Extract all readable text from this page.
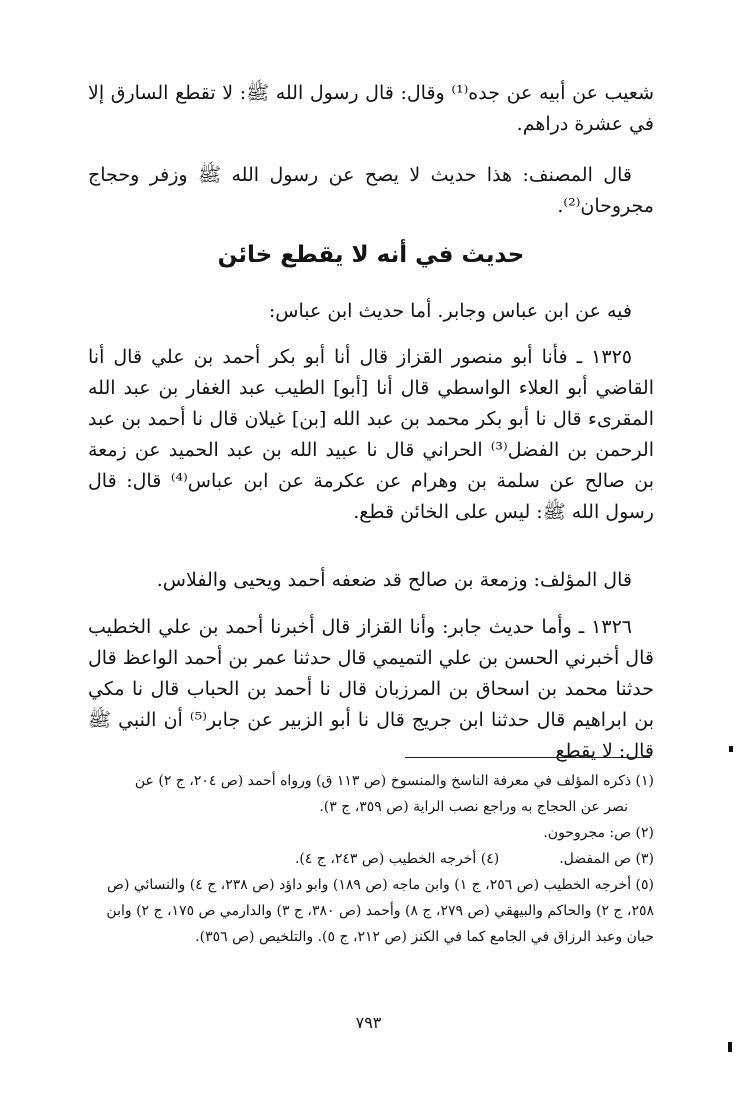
شعيب عن أبيه عن جده⁽¹⁾ وقال: قال رسول الله ﷺ: لا تقطع السارق إلا في عشرة دراهم.

قال المصنف: هذا حديث لا يصح عن رسول الله ﷺ وزفر وحجاج مجروحان⁽²⁾.

حديث في أنه لا يقطع خائن

فيه عن ابن عباس وجابر. أما حديث ابن عباس:

١٣٢٥ ـ فأنا أبو منصور القزاز قال أنا أبو بكر أحمد بن علي قال أنا القاضي أبو العلاء الواسطي قال أنا [أبو] الطيب عبد الغفار بن عبد الله المقرىء قال نا أبو بكر محمد بن عبد الله [بن] غيلان قال نا أحمد بن عبد الرحمن بن الفضل⁽³⁾ الحراني قال نا عبيد الله بن عبد الحميد عن زمعة بن صالح عن سلمة بن وهرام عن عكرمة عن ابن عباس⁽⁴⁾ قال: قال رسول الله ﷺ: ليس على الخائن قطع.

قال المؤلف: وزمعة بن صالح قد ضعفه أحمد ويحيى والفلاس.

١٣٢٦ ـ وأما حديث جابر: وأنا القزاز قال أخبرنا أحمد بن علي الخطيب قال أخبرني الحسن بن علي التميمي قال حدثنا عمر بن أحمد الواعظ قال حدثنا محمد بن اسحاق بن المرزبان قال نا أحمد بن الحباب قال نا مكي بن ابراهيم قال حدثنا ابن جريج قال نا أبو الزبير عن جابر⁽⁵⁾ أن النبي ﷺ قال: لا يقطع

(١) ذكره المؤلف في معرفة الناسخ والمنسوخ (ص ١١٣ ق) ورواه أحمد (ص ٢٠٤، ج ٢) عن

نصر عن الحجاج به وراجع نصب الراية (ص ٣٥٩، ج ٣).

(٢) ص: مجروحون.

(٣) ص المفضل.
(٤) أخرجه الخطيب (ص ٢٤٣، ج ٤).

(٥) أخرجه الخطيب (ص ٢٥٦، ج ١) وابن ماجه (ص ١٨٩) وابو داؤد (ص ٢٣٨، ج ٤) والنسائي (ص ٢٥٨، ج ٢) والحاكم والبيهقي (ص ٢٧٩، ج ٨) وأحمد (ص ٣٨٠، ج ٣) والدارمي ص ١٧٥، ج ٢) وابن حبان وعبد الرزاق في الجامع كما في الكنز (ص ٢١٢، ج ٥). والتلخيص (ص ٣٥٦).

٧٩٣
